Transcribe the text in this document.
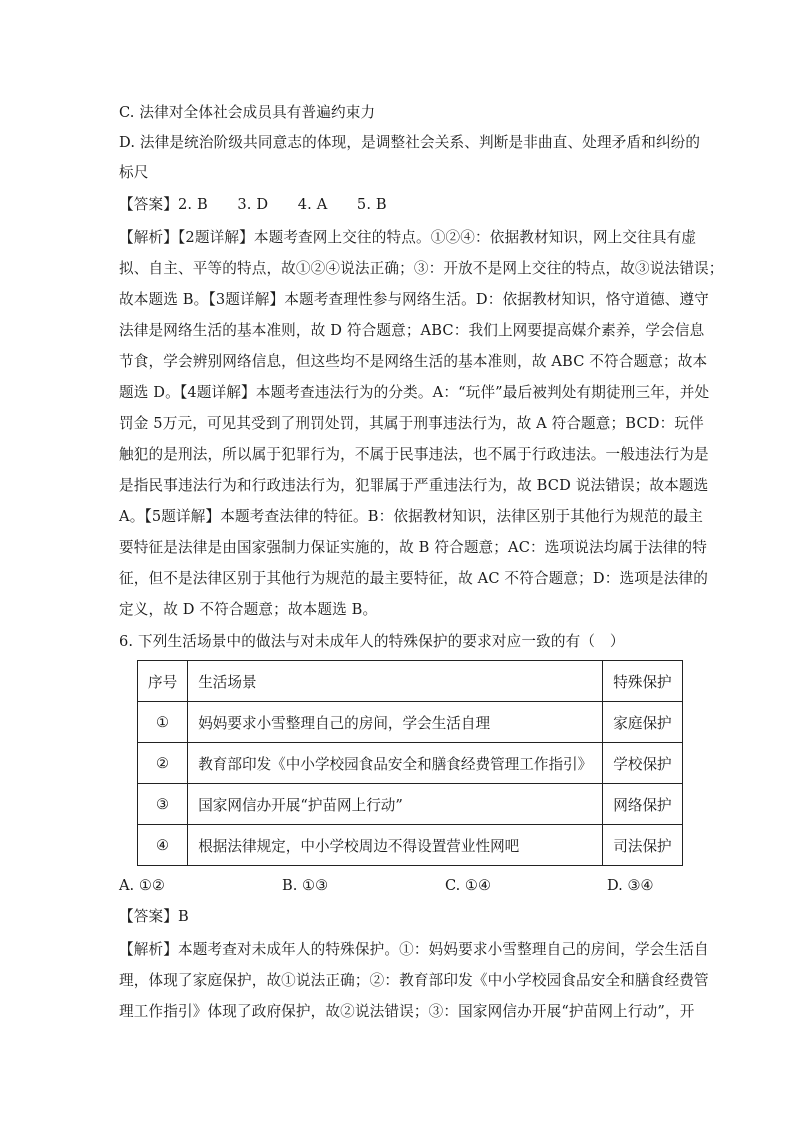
C. 法律对全体社会成员具有普遍约束力
D. 法律是统治阶级共同意志的体现，是调整社会关系、判断是非曲直、处理矛盾和纠纷的
标尺
【答案】2. B　　3. D　　4. A　　5. B
【解析】【2题详解】本题考查网上交往的特点。①②④：依据教材知识，网上交往具有虚
拟、自主、平等的特点，故①②④说法正确；③：开放不是网上交往的特点，故③说法错误；
故本题选 B。【3题详解】本题考查理性参与网络生活。D：依据教材知识，恪守道德、遵守
法律是网络生活的基本准则，故 D 符合题意；ABC：我们上网要提高媒介素养，学会信息
节食，学会辨别网络信息，但这些均不是网络生活的基本准则，故 ABC 不符合题意；故本
题选 D。【4题详解】本题考查违法行为的分类。A：“玩伴”最后被判处有期徒刑三年，并处
罚金 5万元，可见其受到了刑罚处罚，其属于刑事违法行为，故 A 符合题意；BCD：玩伴
触犯的是刑法，所以属于犯罪行为，不属于民事违法，也不属于行政违法。一般违法行为是
是指民事违法行为和行政违法行为，犯罪属于严重违法行为，故 BCD 说法错误；故本题选
A。【5题详解】本题考查法律的特征。B：依据教材知识，法律区别于其他行为规范的最主
要特征是法律是由国家强制力保证实施的，故 B 符合题意；AC：选项说法均属于法律的特
征，但不是法律区别于其他行为规范的最主要特征，故 AC 不符合题意；D：选项是法律的
定义，故 D 不符合题意；故本题选 B。
6. 下列生活场景中的做法与对未成年人的特殊保护的要求对应一致的有（　）
序号	生活场景	特殊保护
①	妈妈要求小雪整理自己的房间，学会生活自理	家庭保护
②	教育部印发《中小学校园食品安全和膳食经费管理工作指引》	学校保护
③	国家网信办开展“护苗网上行动”	网络保护
④	根据法律规定，中小学校周边不得设置营业性网吧	司法保护
A. ①②	B. ①③	C. ①④	D. ③④
【答案】B
【解析】本题考查对未成年人的特殊保护。①：妈妈要求小雪整理自己的房间，学会生活自
理，体现了家庭保护，故①说法正确；②：教育部印发《中小学校园食品安全和膳食经费管
理工作指引》体现了政府保护，故②说法错误；③：国家网信办开展“护苗网上行动”，开
